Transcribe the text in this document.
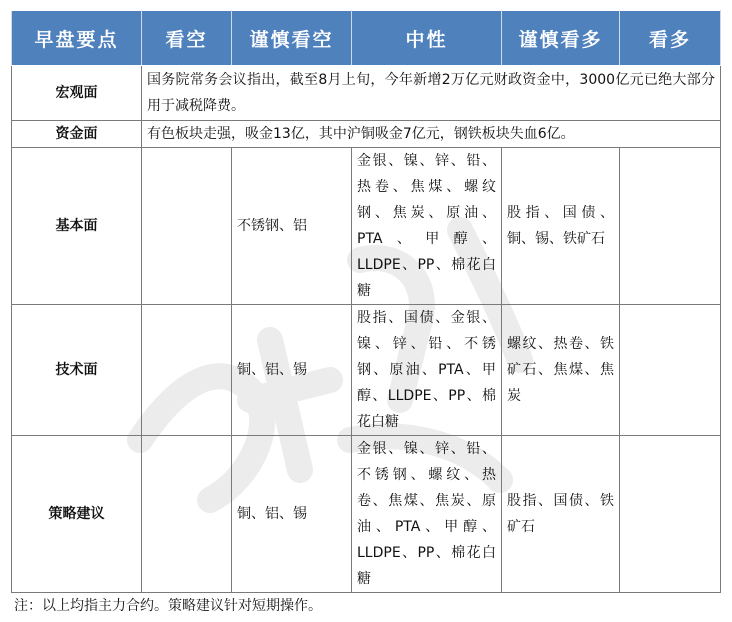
早盘要点	看空	谨慎看空	中性	谨慎看多	看多
宏观面	国务院常务会议指出，截至8月上旬，今年新增2万亿元财政资金中，3000亿元已绝大部分用于减税降费。				
资金面	有色板块走强，吸金13亿，其中沪铜吸金7亿元，钢铁板块失血6亿。				
基本面		不锈钢、铝	金银、镍、锌、铅、热卷、焦煤、螺纹钢、焦炭、原油、PTA、甲醇、LLDPE、PP、棉花白糖	股指、国债、铜、锡、铁矿石	
技术面		铜、铝、锡	股指、国债、金银、镍、锌、铅、不锈钢、原油、PTA、甲醇、LLDPE、PP、棉花白糖	螺纹、热卷、铁矿石、焦煤、焦炭	
策略建议		铜、铝、锡	金银、镍、锌、铅、不锈钢、螺纹、热卷、焦煤、焦炭、原油、PTA、甲醇、LLDPE、PP、棉花白糖	股指、国债、铁矿石	
注：以上均指主力合约。策略建议针对短期操作。
